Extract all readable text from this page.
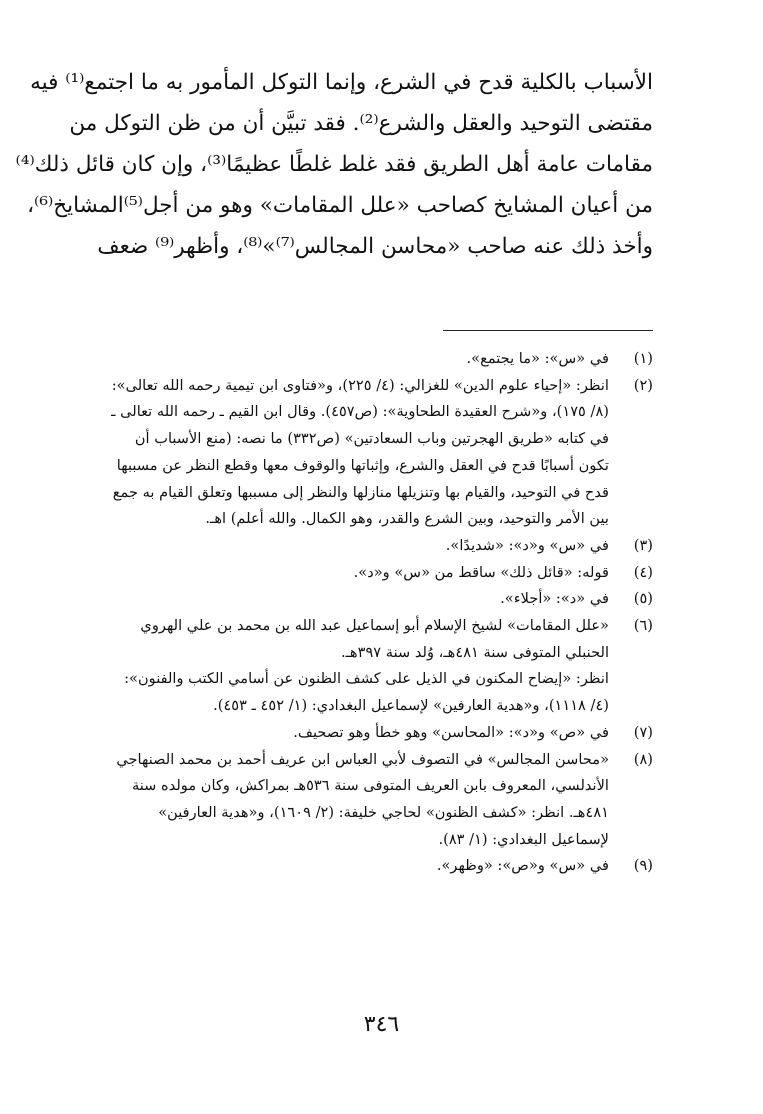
الأسباب بالكلية قدح في الشرع، وإنما التوكل المأمور به ما اجتمع⁽¹⁾ فيه
مقتضى التوحيد والعقل والشرع⁽²⁾. فقد تبيَّن أن من ظن التوكل من
مقامات عامة أهل الطريق فقد غلط غلطًا عظيمًا⁽³⁾، وإن كان قائل ذلك⁽⁴⁾
من أعيان المشايخ كصاحب «علل المقامات» وهو من أجل⁽⁵⁾المشايخ⁽⁶⁾،
وأخذ ذلك عنه صاحب «محاسن المجالس⁽⁷⁾»⁽⁸⁾، وأظهر⁽⁹⁾ ضعف

(١)
في «س»: «ما يجتمع».
(٢)
انظر: «إحياء علوم الدين» للغزالي: (٤/ ٢٢٥)، و«فتاوى ابن تيمية رحمه الله تعالى»:
(٨/ ١٧٥)، و«شرح العقيدة الطحاوية»: (ص٤٥٧). وقال ابن القيم ـ رحمه الله تعالى ـ
في كتابه «طريق الهجرتين وباب السعادتين» (ص٣٣٢) ما نصه: (منع الأسباب أن
تكون أسبابًا قدح في العقل والشرع، وإثباتها والوقوف معها وقطع النظر عن مسببها
قدح في التوحيد، والقيام بها وتنزيلها منازلها والنظر إلى مسببها وتعلق القيام به جمع
بين الأمر والتوحيد، وبين الشرع والقدر، وهو الكمال. والله أعلم) اهـ.
(٣)
في «س» و«د»: «شديدًا».
(٤)
قوله: «قائل ذلك» ساقط من «س» و«د».
(٥)
في «د»: «أجلاء».
(٦)
«علل المقامات» لشيخ الإسلام أبو إسماعيل عبد الله بن محمد بن علي الهروي
الحنبلي المتوفى سنة ٤٨١هـ، وُلد سنة ٣٩٧هـ.
انظر: «إيضاح المكنون في الذيل على كشف الظنون عن أسامي الكتب والفنون»:
(٤/ ١١١٨)، و«هدية العارفين» لإسماعيل البغدادي: (١/ ٤٥٢ ـ ٤٥٣).
(٧)
في «ص» و«د»: «المحاسن» وهو خطأ وهو تصحيف.
(٨)
«محاسن المجالس» في التصوف لأبي العباس ابن عريف أحمد بن محمد الصنهاجي
الأندلسي، المعروف بابن العريف المتوفى سنة ٥٣٦هـ بمراكش، وكان مولده سنة
٤٨١هـ. انظر: «كشف الظنون» لحاجي خليفة: (٢/ ١٦٠٩)، و«هدية العارفين»
لإسماعيل البغدادي: (١/ ٨٣).
(٩)
في «س» و«ص»: «وظهر».
٣٤٦
